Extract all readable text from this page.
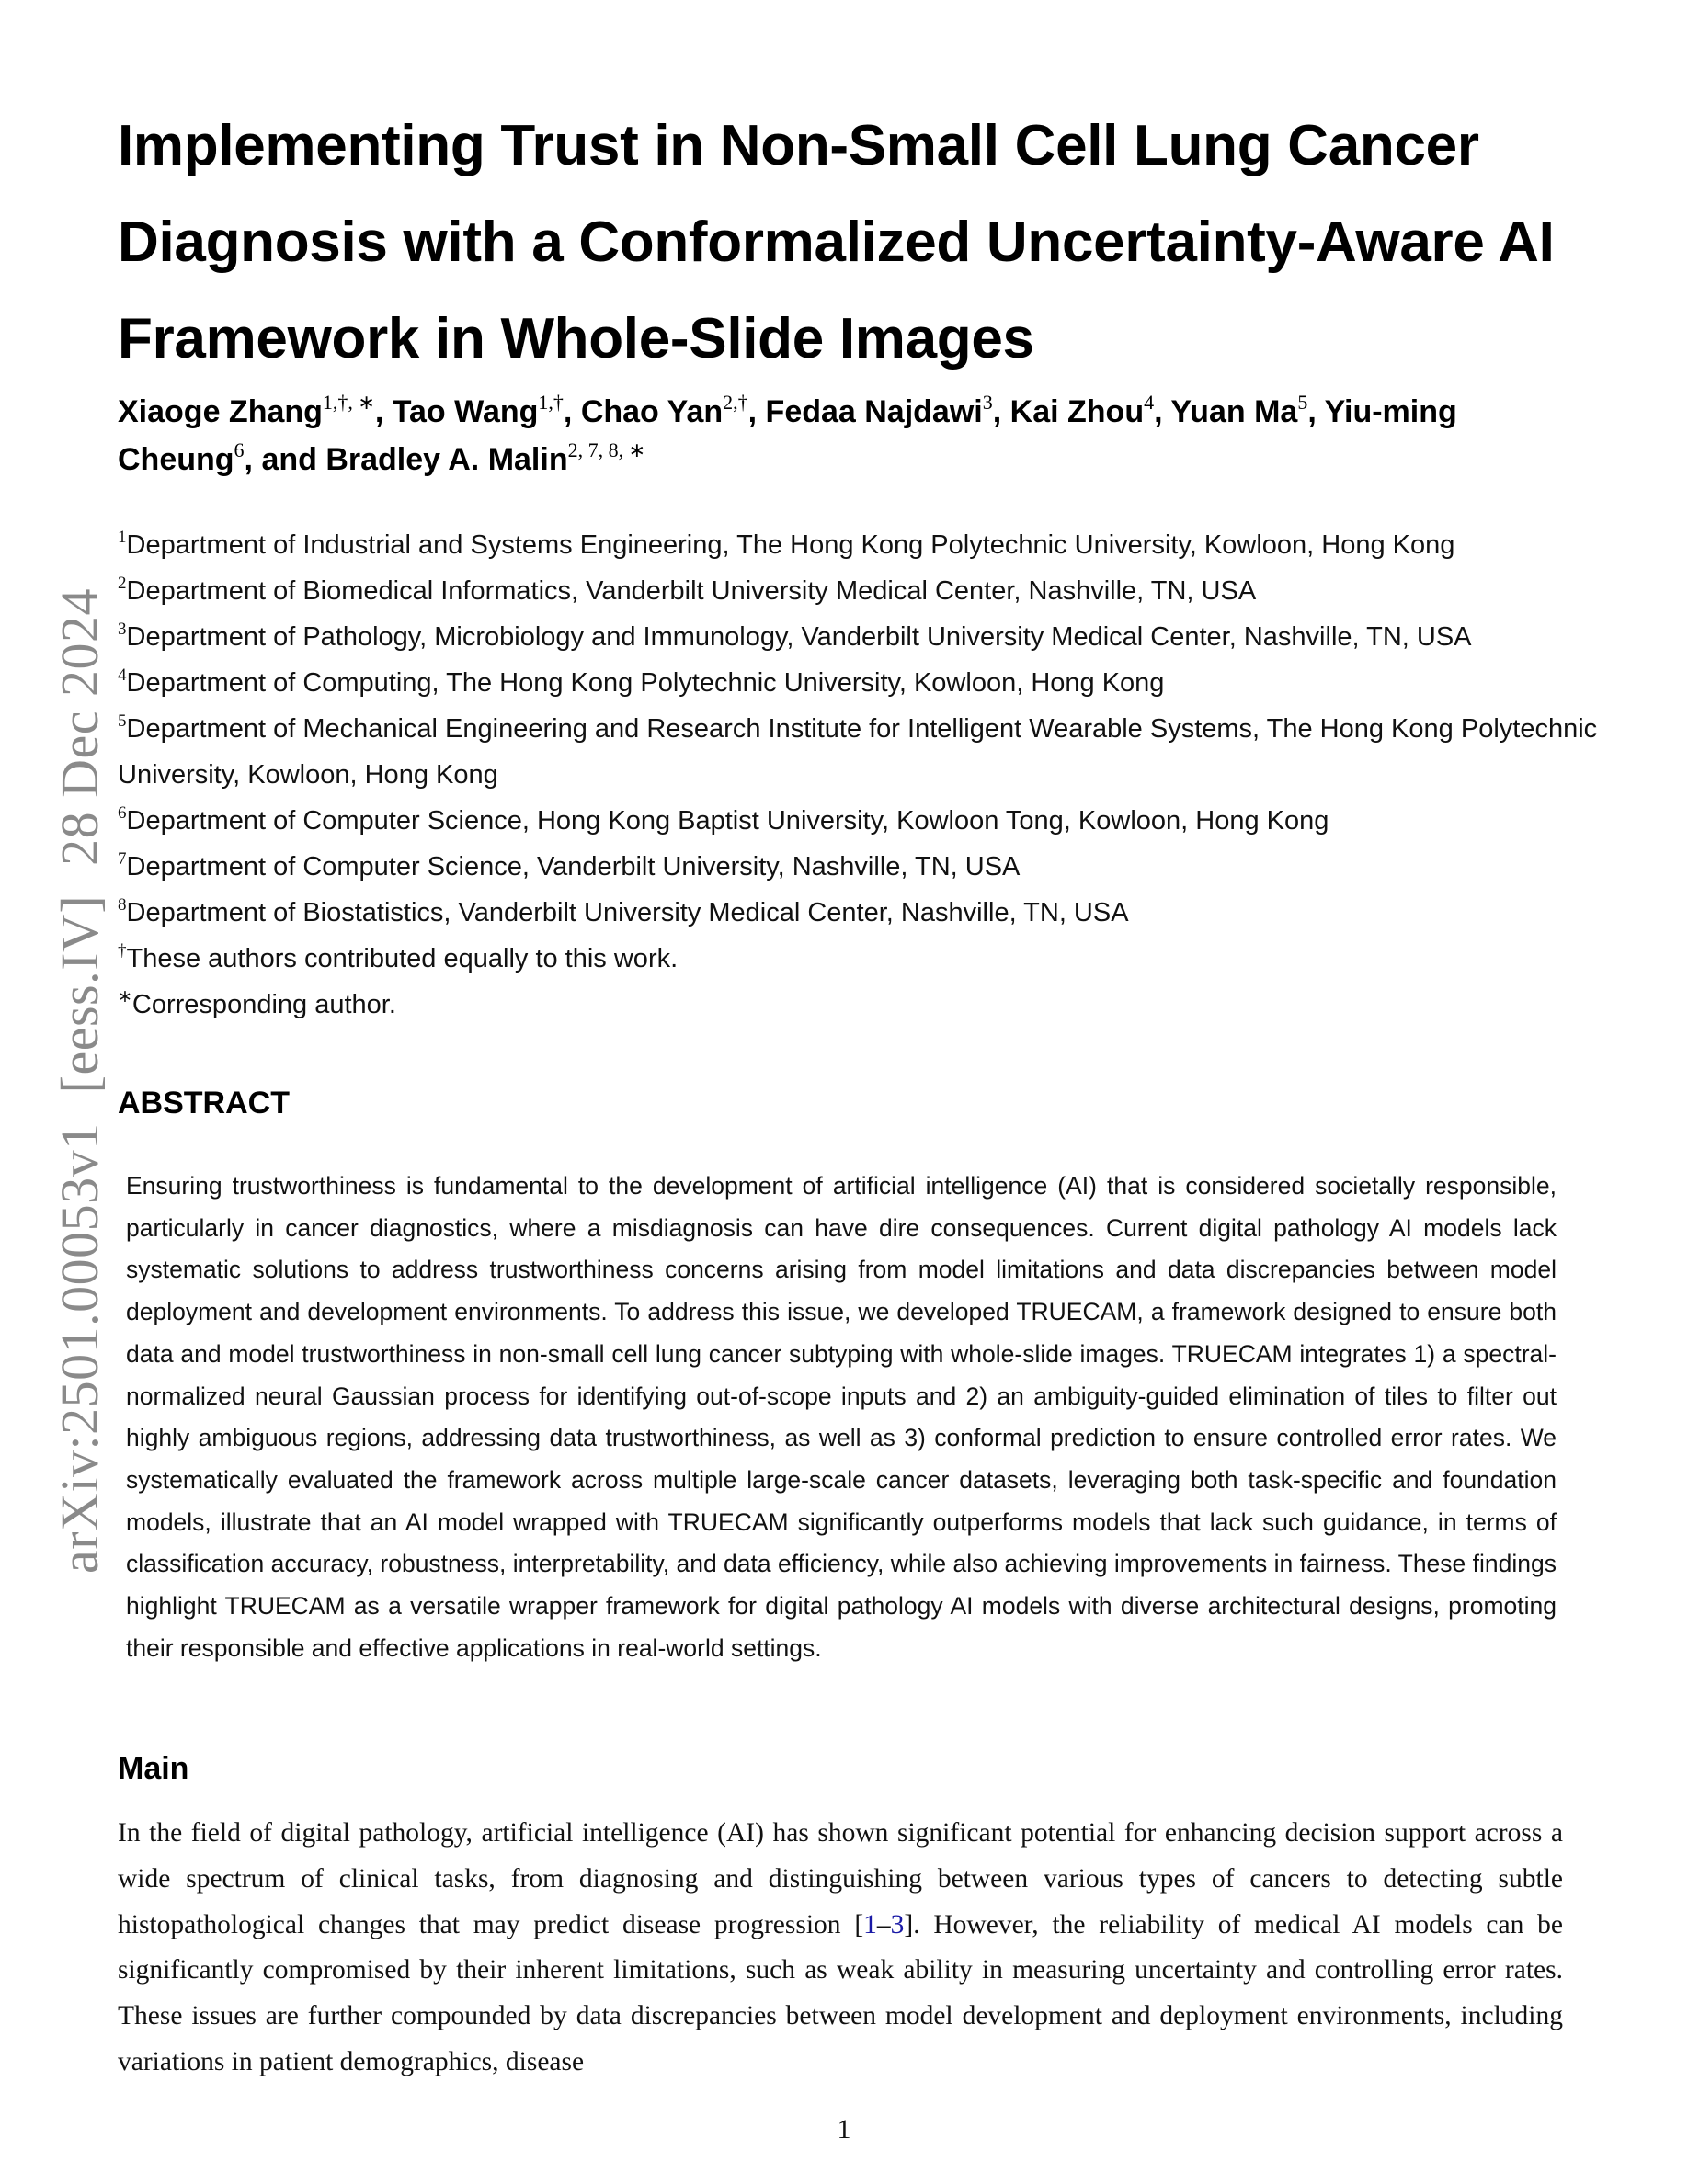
arXiv:2501.00053v1[eess.IV]28 Dec 2024
Implementing Trust in Non-Small Cell Lung Cancer
Diagnosis with a Conformalized Uncertainty-Aware AI
Framework in Whole-Slide Images
Xiaoge Zhang$^{1,\dagger, ∗}$, Tao Wang$^{1,\dagger}$, Chao Yan$^{2,\dagger}$, Fedaa Najdawi$^3$, Kai Zhou$^4$, Yuan Ma$^5$, Yiu-ming Cheung$^6$, and Bradley A. Malin$^{2, 7, 8, ∗}$
$^1$Department of Industrial and Systems Engineering, The Hong Kong Polytechnic University, Kowloon, Hong Kong
$^2$Department of Biomedical Informatics, Vanderbilt University Medical Center, Nashville, TN, USA
$^3$Department of Pathology, Microbiology and Immunology, Vanderbilt University Medical Center, Nashville, TN, USA
$^4$Department of Computing, The Hong Kong Polytechnic University, Kowloon, Hong Kong
$^5$Department of Mechanical Engineering and Research Institute for Intelligent Wearable Systems, The Hong Kong Polytechnic University, Kowloon, Hong Kong
$^6$Department of Computer Science, Hong Kong Baptist University, Kowloon Tong, Kowloon, Hong Kong
$^7$Department of Computer Science, Vanderbilt University, Nashville, TN, USA
$^8$Department of Biostatistics, Vanderbilt University Medical Center, Nashville, TN, USA
†These authors contributed equally to this work.
∗Corresponding author.
ABSTRACT

Ensuring trustworthiness is fundamental to the development of artificial intelligence (AI) that is considered societally responsible, particularly in cancer diagnostics, where a misdiagnosis can have dire consequences. Current digital pathology AI models lack systematic solutions to address trustworthiness concerns arising from model limitations and data discrepancies between model deployment and development environments. To address this issue, we developed TRUECAM, a framework designed to ensure both data and model trustworthiness in non-small cell lung cancer subtyping with whole-slide images. TRUECAM integrates 1) a spectral-normalized neural Gaussian process for identifying out-of-scope inputs and 2) an ambiguity-guided elimination of tiles to filter out highly ambiguous regions, addressing data trustworthiness, as well as 3) conformal prediction to ensure controlled error rates. We systematically evaluated the framework across multiple large-scale cancer datasets, leveraging both task-specific and foundation models, illustrate that an AI model wrapped with TRUECAM significantly outperforms models that lack such guidance, in terms of classification accuracy, robustness, interpretability, and data efficiency, while also achieving improvements in fairness. These findings highlight TRUECAM as a versatile wrapper framework for digital pathology AI models with diverse architectural designs, promoting their responsible and effective applications in real-world settings.

Main

In the field of digital pathology, artificial intelligence (AI) has shown significant potential for enhancing decision support across a wide spectrum of clinical tasks, from diagnosing and distinguishing between various types of cancers to detecting subtle histopathological changes that may predict disease progression [1–3]. However, the reliability of medical AI models can be significantly compromised by their inherent limitations, such as weak ability in measuring uncertainty and controlling error rates. These issues are further compounded by data discrepancies between model development and deployment environments, including variations in patient demographics, disease

1
